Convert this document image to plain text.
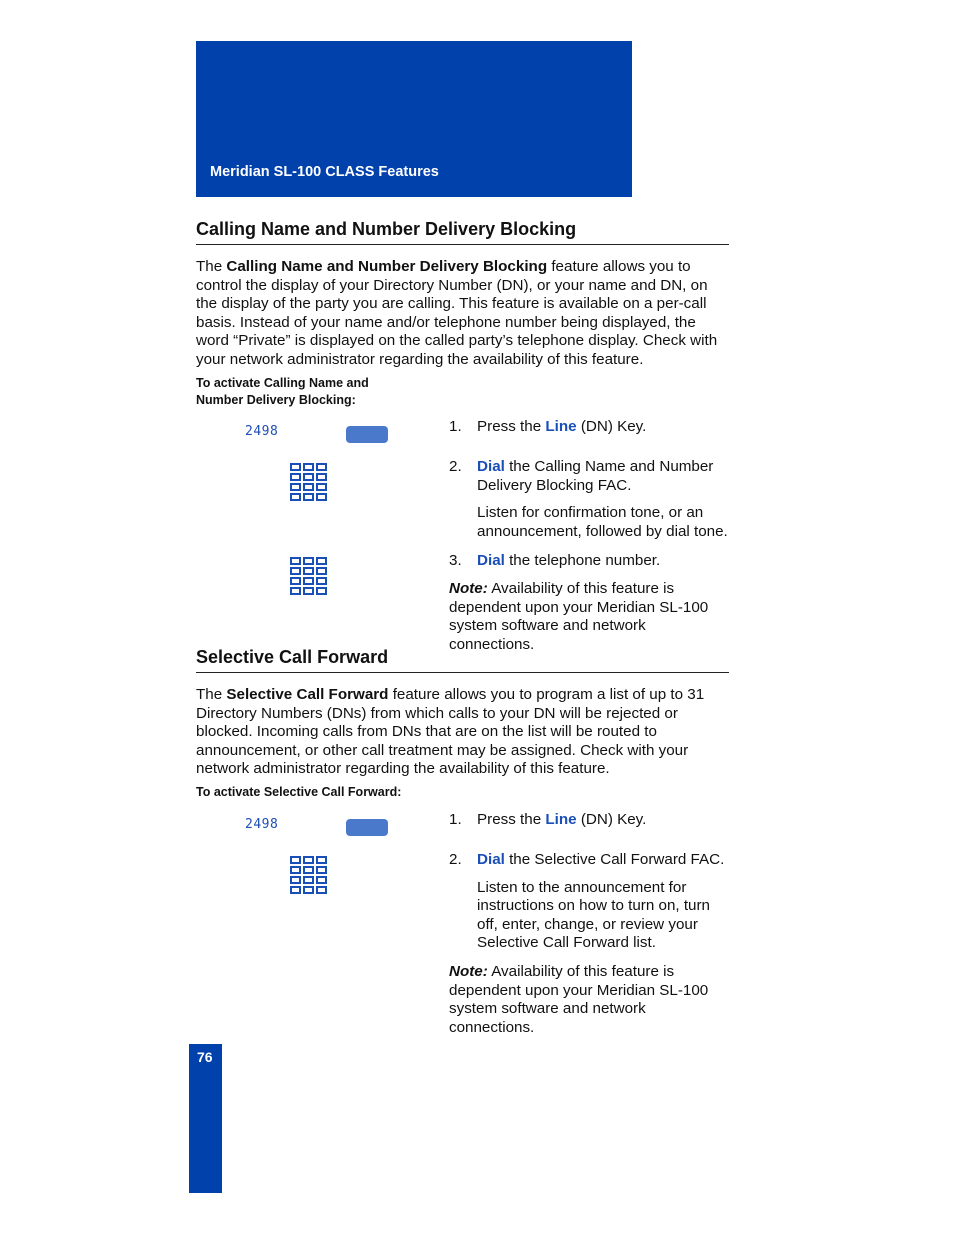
Meridian SL-100 CLASS Features
Calling Name and Number Delivery Blocking
The Calling Name and Number Delivery Blocking feature allows you to control the display of your Directory Number (DN), or your name and DN, on the display of the party you are calling. This feature is available on a per-call basis. Instead of your name and/or telephone number being displayed, the word “Private” is displayed on the called party’s telephone display. Check with your network administrator regarding the availability of this feature.
To activate Calling Name and
Number Delivery Blocking:
2498	1. Press the Line (DN) Key.
2. Dial the Calling Name and Number Delivery Blocking FAC.
Listen for confirmation tone, or an announcement, followed by dial tone.
3. Dial the telephone number.
Note: Availability of this feature is dependent upon your Meridian SL-100 system software and network connections.
Selective Call Forward
The Selective Call Forward feature allows you to program a list of up to 31 Directory Numbers (DNs) from which calls to your DN will be rejected or blocked. Incoming calls from DNs that are on the list will be routed to announcement, or other call treatment may be assigned. Check with your network administrator regarding the availability of this feature.
To activate Selective Call Forward:
2498	1. Press the Line (DN) Key.
2. Dial the Selective Call Forward FAC.
Listen to the announcement for instructions on how to turn on, turn off, enter, change, or review your Selective Call Forward list.
Note: Availability of this feature is dependent upon your Meridian SL-100 system software and network connections.
76
